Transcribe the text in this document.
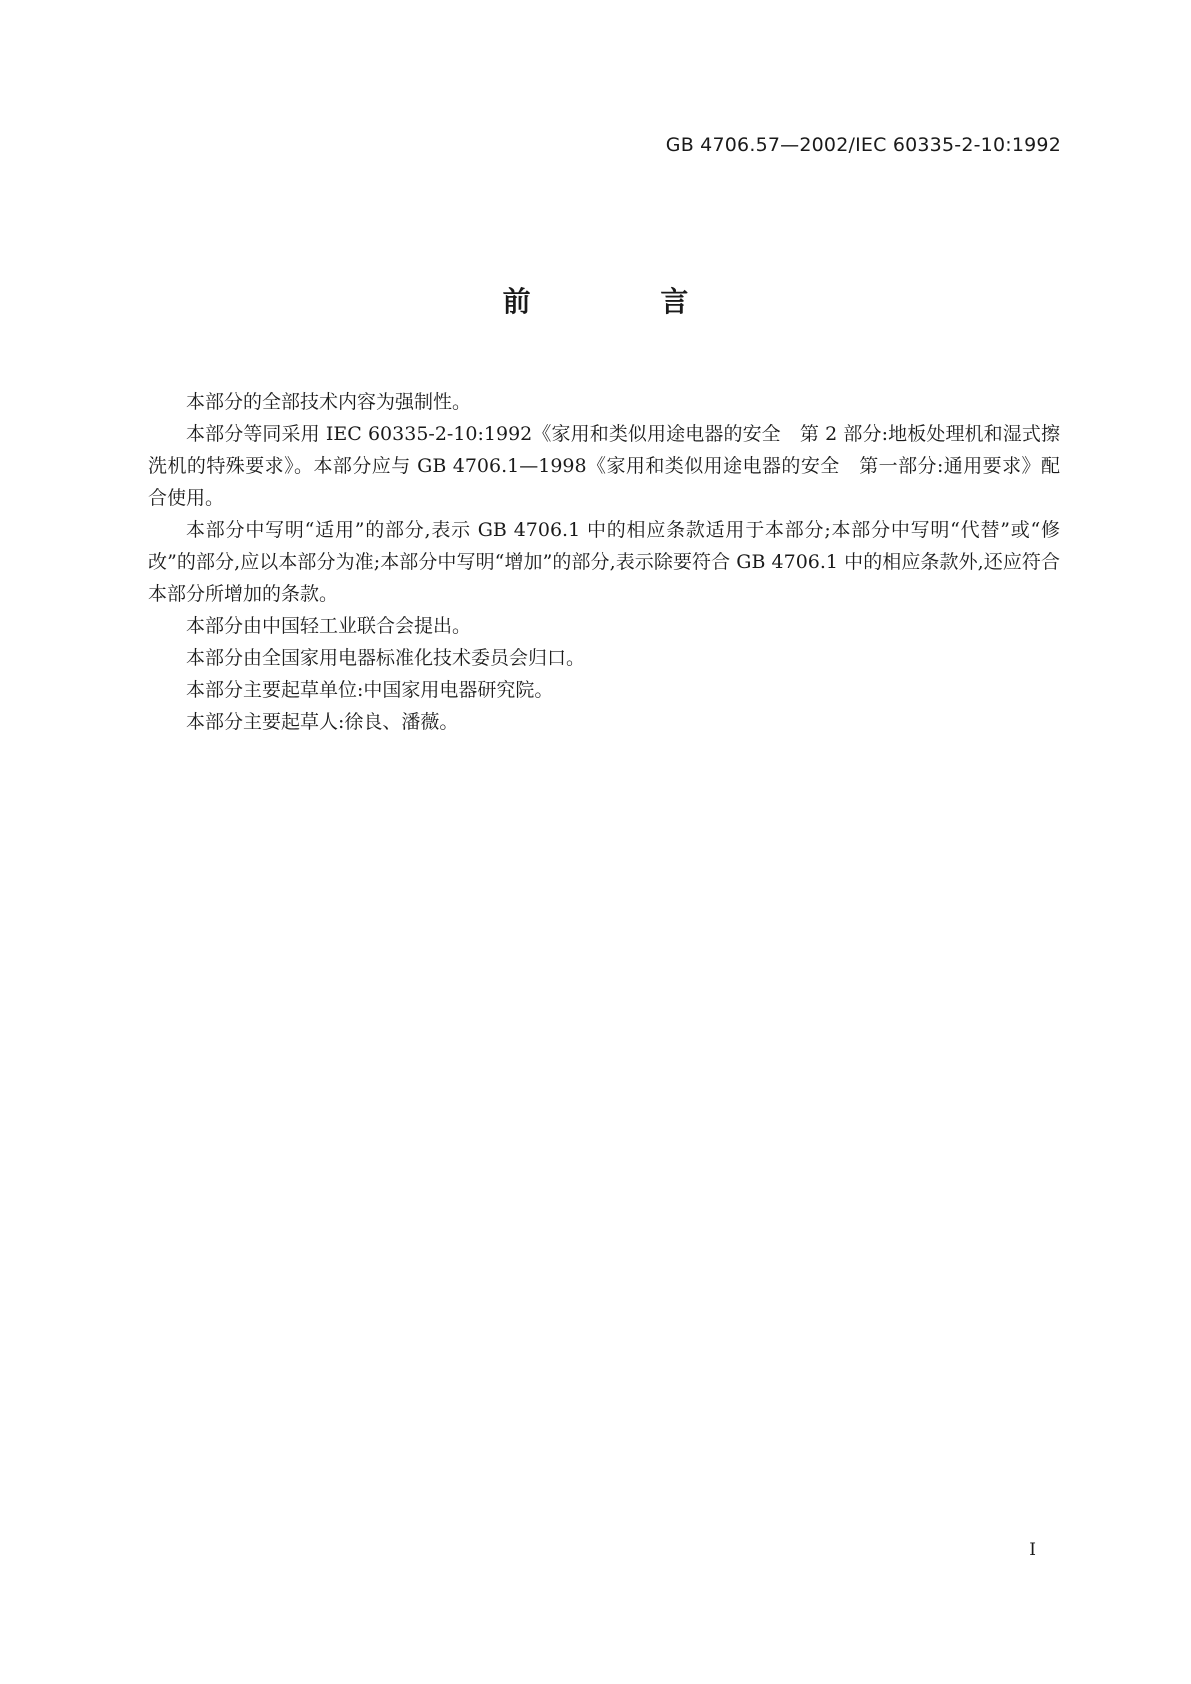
GB 4706.57—2002/IEC 60335-2-10:1992
前 言

本部分的全部技术内容为强制性。

本部分等同采用 IEC 60335-2-10:1992《家用和类似用途电器的安全　第 2 部分:地板处理机和湿式擦洗机的特殊要求》。本部分应与 GB 4706.1—1998《家用和类似用途电器的安全　第一部分:通用要求》配合使用。

本部分中写明“适用”的部分,表示 GB 4706.1 中的相应条款适用于本部分;本部分中写明“代替”或“修改”的部分,应以本部分为准;本部分中写明“增加”的部分,表示除要符合 GB 4706.1 中的相应条款外,还应符合本部分所增加的条款。

本部分由中国轻工业联合会提出。

本部分由全国家用电器标准化技术委员会归口。

本部分主要起草单位:中国家用电器研究院。

本部分主要起草人:徐良、潘薇。

I
